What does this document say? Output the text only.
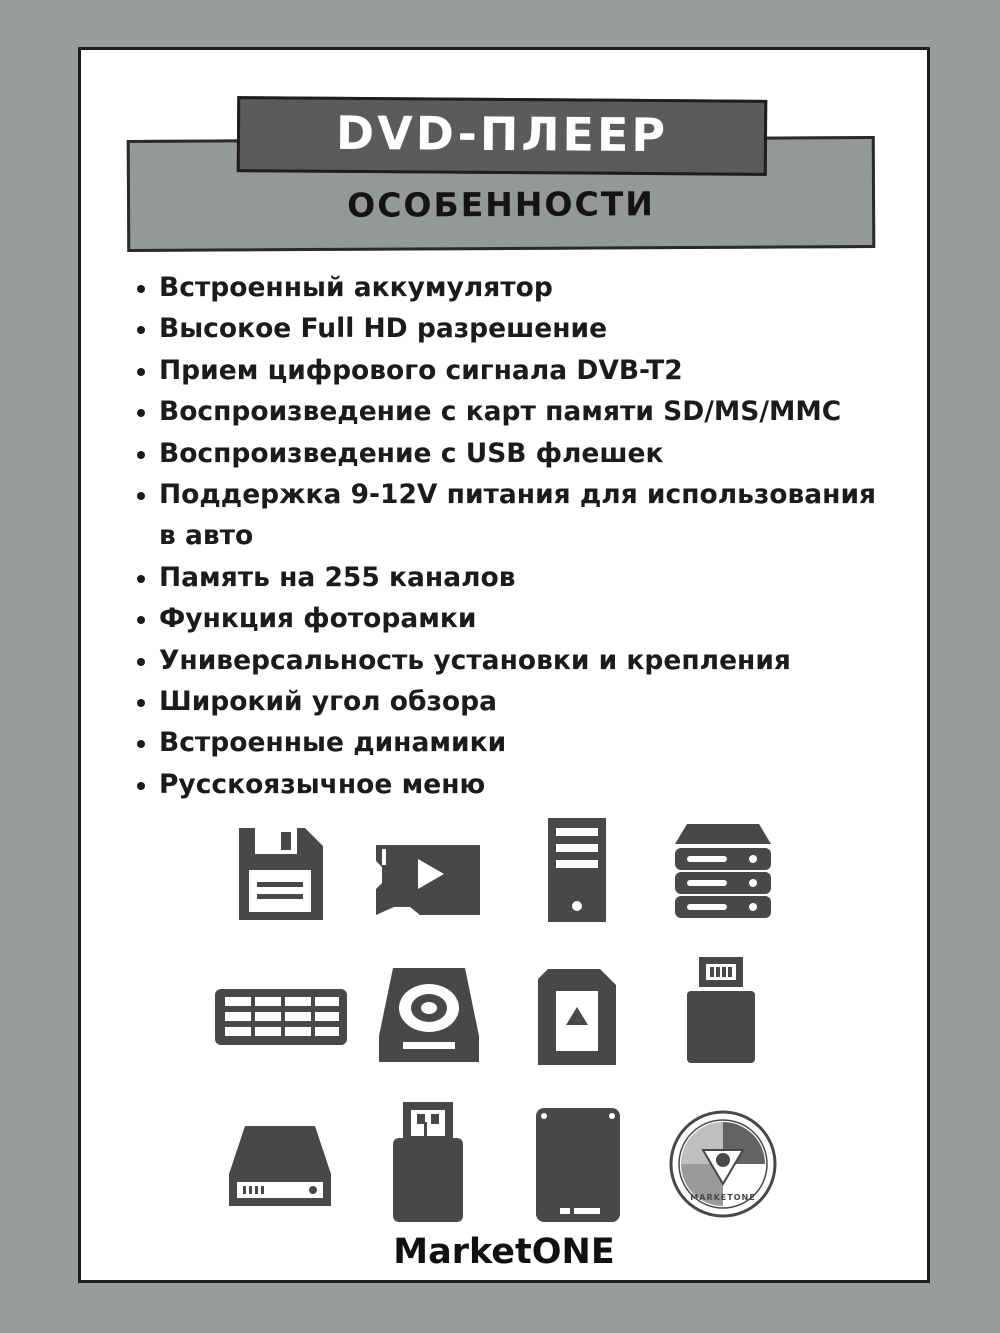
ОСОБЕННОСТИ
DVD-ПЛЕЕР
Встроенный аккумулятор
Высокое Full HD разрешение
Прием цифрового сигнала DVB-T2
Воспроизведение с карт памяти SD/MS/MMC
Воспроизведение с USB флешек
Поддержка 9-12V питания для использования в авто
Память на 255 каналов
Функция фоторамки
Универсальность установки и крепления
Широкий угол обзора
Встроенные динамики
Русскоязычное меню
MARKETONE
MarketONE
